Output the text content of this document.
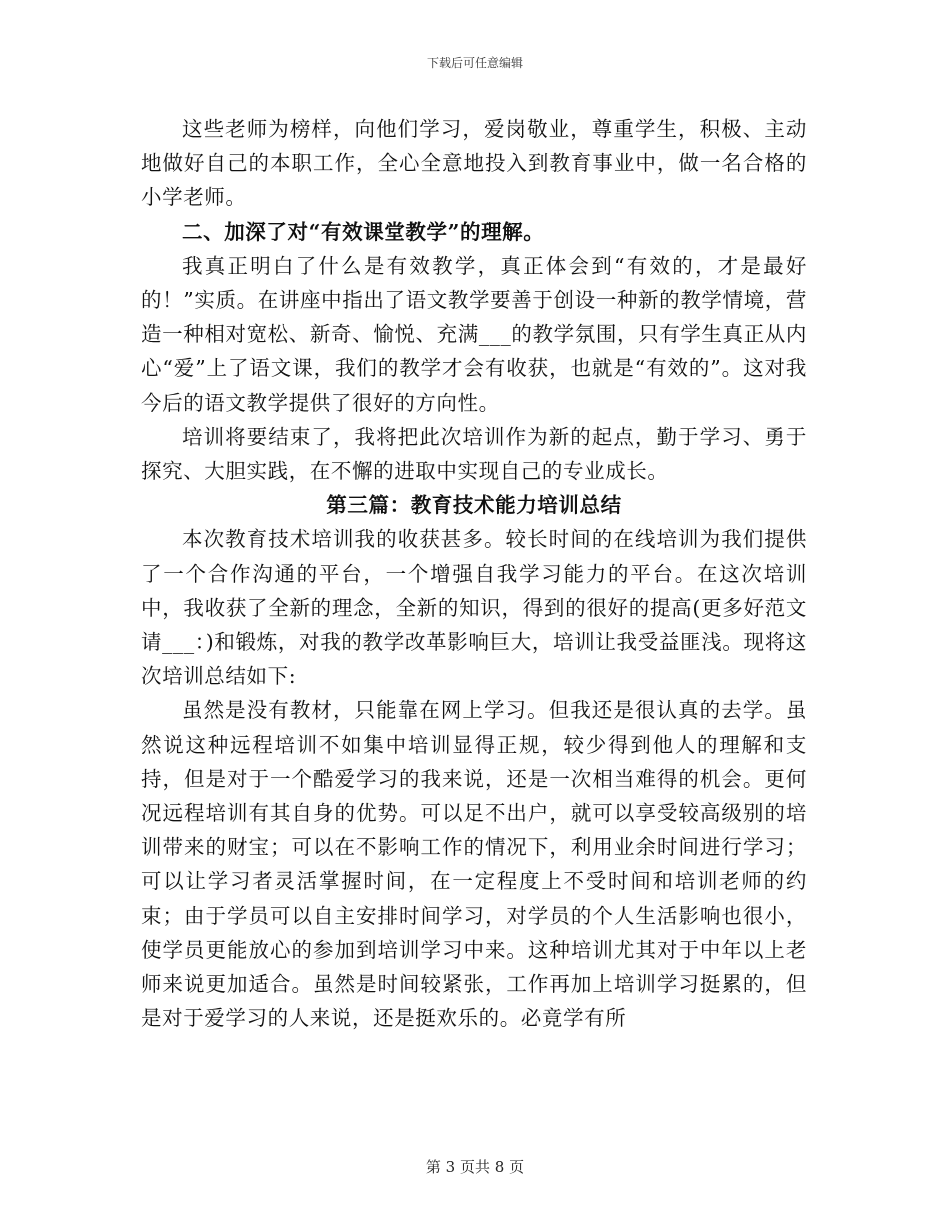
下载后可任意编辑

这些老师为榜样，向他们学习，爱岗敬业，尊重学生，积极、主动地做好自己的本职工作，全心全意地投入到教育事业中，做一名合格的小学老师。

二、加深了对“有效课堂教学”的理解。

我真正明白了什么是有效教学，真正体会到“有效的，才是最好的！”实质。在讲座中指出了语文教学要善于创设一种新的教学情境，营造一种相对宽松、新奇、愉悦、充满___的教学氛围，只有学生真正从内心“爱”上了语文课，我们的教学才会有收获，也就是“有效的”。这对我今后的语文教学提供了很好的方向性。

培训将要结束了，我将把此次培训作为新的起点，勤于学习、勇于探究、大胆实践，在不懈的进取中实现自己的专业成长。

第三篇：教育技术能力培训总结

本次教育技术培训我的收获甚多。较长时间的在线培训为我们提供了一个合作沟通的平台，一个增强自我学习能力的平台。在这次培训中，我收获了全新的理念，全新的知识，得到的很好的提高(更多好范文请___：)和锻炼，对我的教学改革影响巨大，培训让我受益匪浅。现将这次培训总结如下:

虽然是没有教材，只能靠在网上学习。但我还是很认真的去学。虽然说这种远程培训不如集中培训显得正规，较少得到他人的理解和支持，但是对于一个酷爱学习的我来说，还是一次相当难得的机会。更何况远程培训有其自身的优势。可以足不出户，就可以享受较高级别的培训带来的财宝；可以在不影响工作的情况下，利用业余时间进行学习；可以让学习者灵活掌握时间，在一定程度上不受时间和培训老师的约束；由于学员可以自主安排时间学习，对学员的个人生活影响也很小，使学员更能放心的参加到培训学习中来。这种培训尤其对于中年以上老师来说更加适合。虽然是时间较紧张，工作再加上培训学习挺累的，但是对于爱学习的人来说，还是挺欢乐的。必竟学有所

第 3 页共 8 页
